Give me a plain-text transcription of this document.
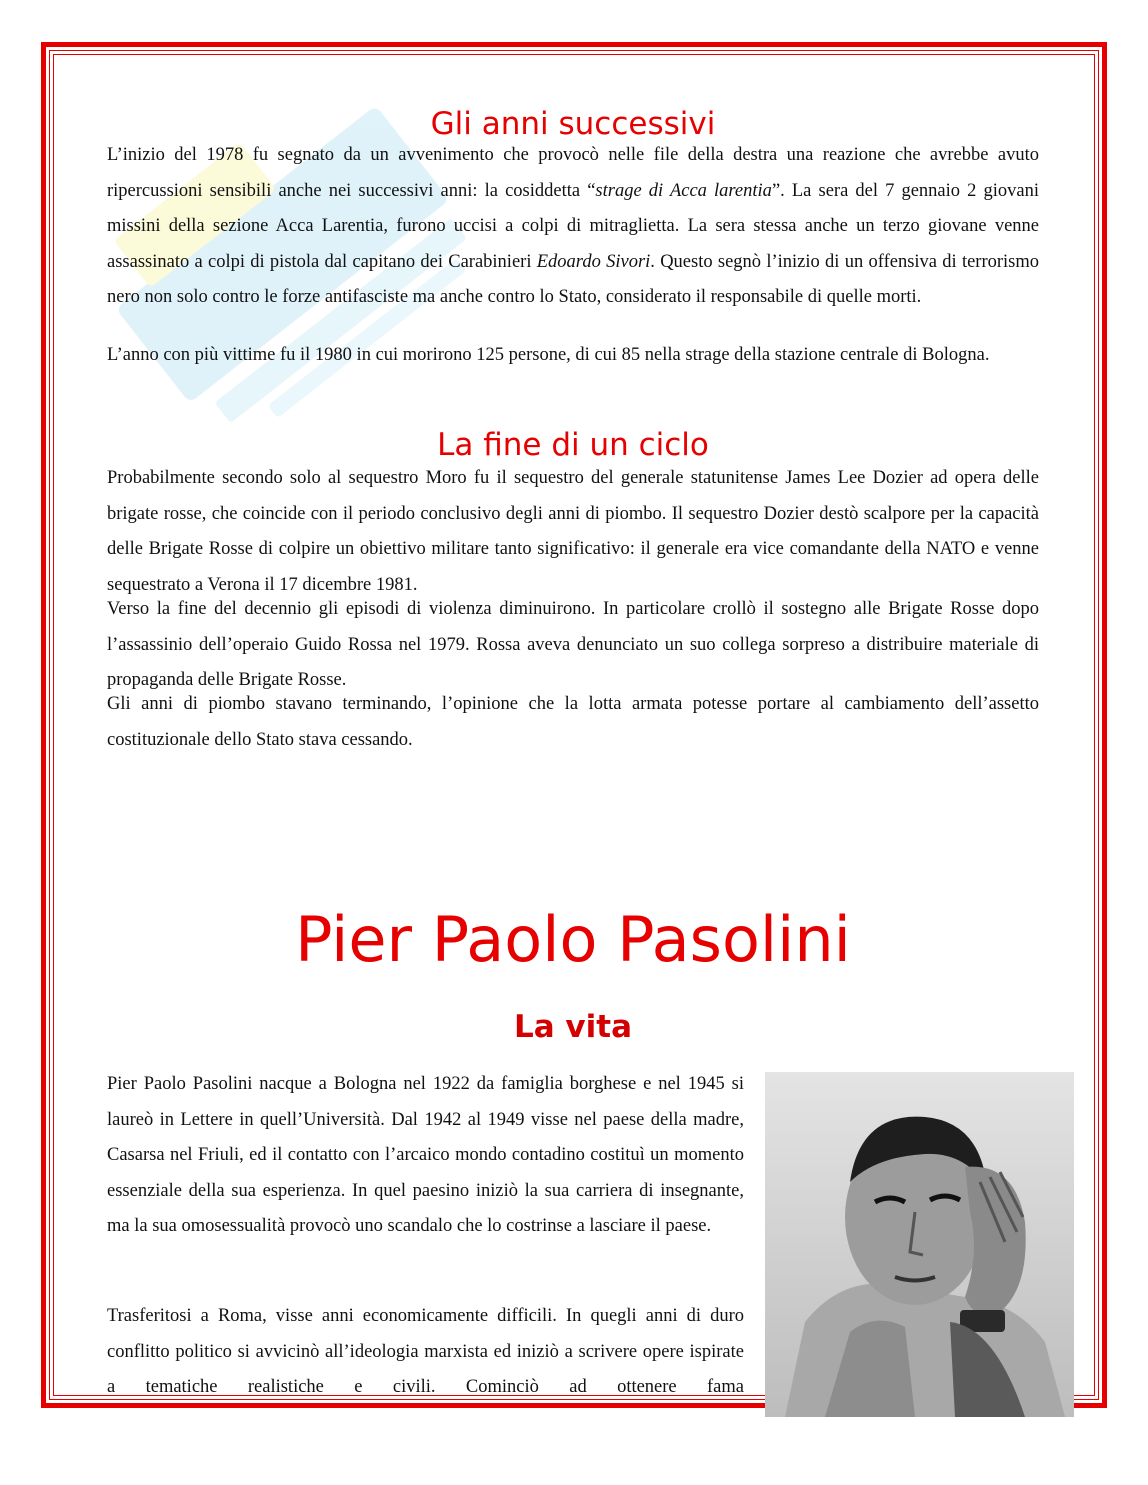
Gli anni successivi

L’inizio del 1978 fu segnato da un avvenimento che provocò nelle file della destra una reazione che avrebbe avuto ripercussioni sensibili anche nei successivi anni: la cosiddetta “strage di Acca larentia”. La sera del 7 gennaio 2 giovani missini della sezione Acca Larentia, furono uccisi a colpi di mitraglietta. La sera stessa anche un terzo giovane venne assassinato a colpi di pistola dal capitano dei Carabinieri Edoardo Sivori. Questo segnò l’inizio di un offensiva di terrorismo nero non solo contro le forze antifasciste ma anche contro lo Stato, considerato il responsabile di quelle morti.

L’anno con più vittime fu il 1980 in cui morirono 125 persone, di cui 85 nella strage della stazione centrale di Bologna.

La fine di un ciclo

Probabilmente secondo solo al sequestro Moro fu il sequestro del generale statunitense James Lee Dozier ad opera delle brigate rosse, che coincide con il periodo conclusivo degli anni di piombo. Il sequestro Dozier destò scalpore per la capacità delle Brigate Rosse di colpire un obiettivo militare tanto significativo: il generale era vice comandante della NATO e venne sequestrato a Verona il 17 dicembre 1981.

Verso la fine del decennio gli episodi di violenza diminuirono. In particolare crollò il sostegno alle Brigate Rosse dopo l’assassinio dell’operaio Guido Rossa nel 1979. Rossa aveva denunciato un suo collega sorpreso a distribuire materiale di propaganda delle Brigate Rosse.

Gli anni di piombo stavano terminando, l’opinione che la lotta armata potesse portare al cambiamento dell’assetto costituzionale dello Stato stava cessando.

Pier Paolo Pasolini
La vita

Pier Paolo Pasolini nacque a Bologna nel 1922 da famiglia borghese e nel 1945 si laureò in Lettere in quell’Università. Dal 1942 al 1949 visse nel paese della madre, Casarsa nel Friuli, ed il contatto con l’arcaico mondo contadino costituì un momento essenziale della sua esperienza. In quel paesino iniziò la sua carriera di insegnante, ma la sua omosessualità provocò uno scandalo che lo costrinse a lasciare il paese.

Trasferitosi a Roma, visse anni economicamente difficili. In quegli anni di duro conflitto politico si avvicinò all’ideologia marxista ed iniziò a scrivere opere ispirate a tematiche realistiche e civili. Cominciò ad ottenere fama
